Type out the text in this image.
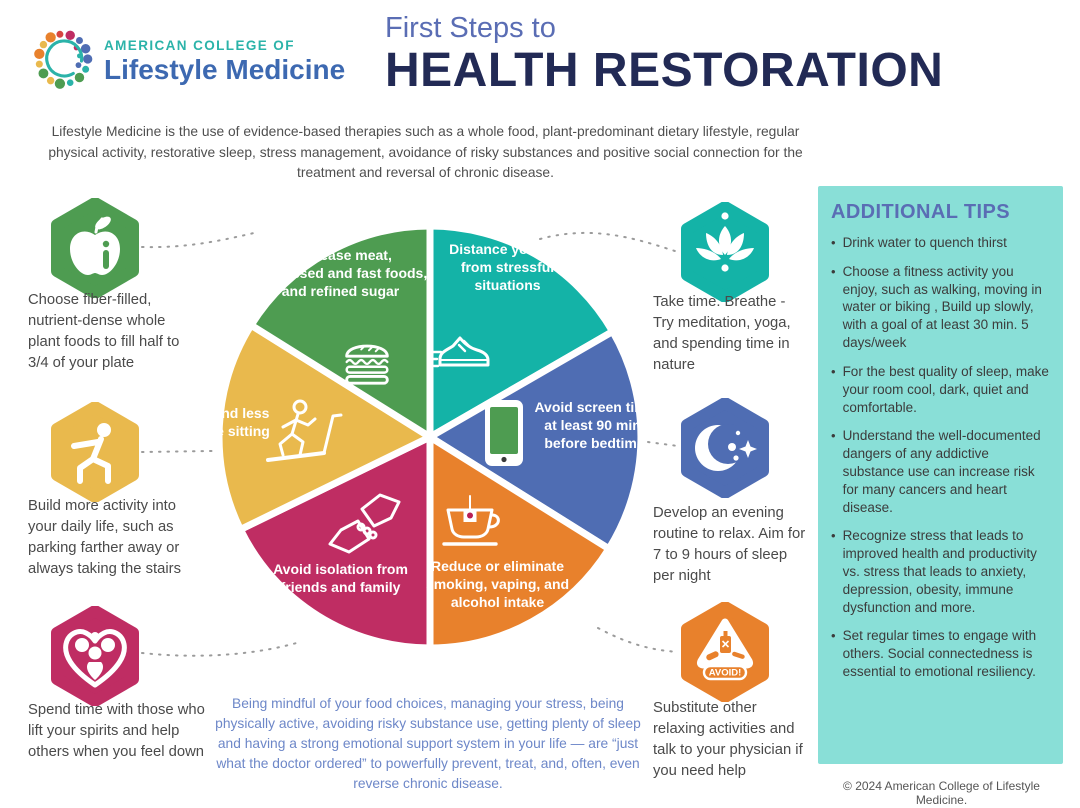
AMERICAN COLLEGE OF
Lifestyle Medicine
First Steps to
HEALTH RESTORATION
Lifestyle Medicine is the use of evidence-based therapies such as a whole food, plant-predominant dietary lifestyle, regular physical activity, restorative sleep, stress management, avoidance of risky substances and positive social connection for the treatment and reversal of chronic disease.
Decrease meat, processed and fast foods, and refined sugar
Distance yourself from stressful situations
Spend less time sitting
Avoid screen time at least 90 min. before bedtime
Avoid isolation from friends and family
Reduce or eliminate smoking, vaping, and alcohol intake
Choose fiber-filled, nutrient-dense whole plant foods to fill half to 3/4 of your plate
Build more activity into your daily life, such as parking farther away or always taking the stairs
Spend time with those who lift your spirits and help others when you feel down
Take time. Breathe - Try meditation, yoga, and spending time in nature
Develop an evening routine to relax. Aim for 7 to 9 hours of sleep per night
AVOID!
Substitute other relaxing activities and talk to your physician if you need help
ADDITIONAL TIPS
• Drink water to quench thirst
• Choose a fitness activity you enjoy, such as walking, moving in water or biking , Build up slowly, with a goal of at least 30 min. 5 days/week
• For the best quality of sleep, make your room cool, dark, quiet and comfortable.
• Understand the well-documented dangers of any addictive substance use can increase risk for many cancers and heart disease.
• Recognize stress that leads to improved health and productivity vs. stress that leads to anxiety, depression, obesity, immune dysfunction and more.
• Set regular times to engage with others. Social connectedness is essential to emotional resiliency.
Being mindful of your food choices, managing your stress, being physically active, avoiding risky substance use, getting plenty of sleep and having a strong emotional support system in your life — are “just what the doctor ordered” to powerfully prevent, treat, and, often, even reverse chronic disease.	© 2024 American College of Lifestyle Medicine.
